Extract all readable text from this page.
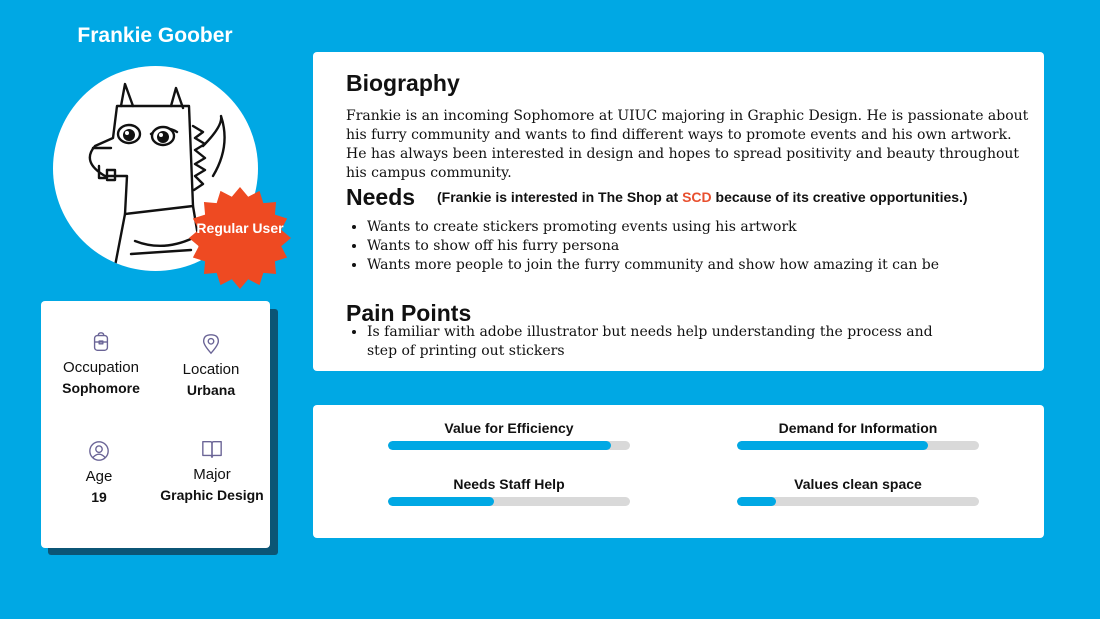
Frankie Goober
Regular User
Occupation
Sophomore
Location
Urbana
Age
19
Major
Graphic Design
Biography
Frankie is an incoming Sophomore at UIUC majoring in Graphic Design. He is passionate about his furry community and wants to find different ways to promote events and his own artwork. He has always been interested in design and hopes to spread positivity and beauty throughout his campus community.
Needs (Frankie is interested in The Shop at SCD because of its creative opportunities.)
• Wants to create stickers promoting events using his artwork
• Wants to show off his furry persona
• Wants more people to join the furry community and show how amazing it can be
Pain Points
• Is familiar with adobe illustrator but needs help understanding the process and step of printing out stickers
Value for Efficiency	Demand for Information
Needs Staff Help	Values clean space
